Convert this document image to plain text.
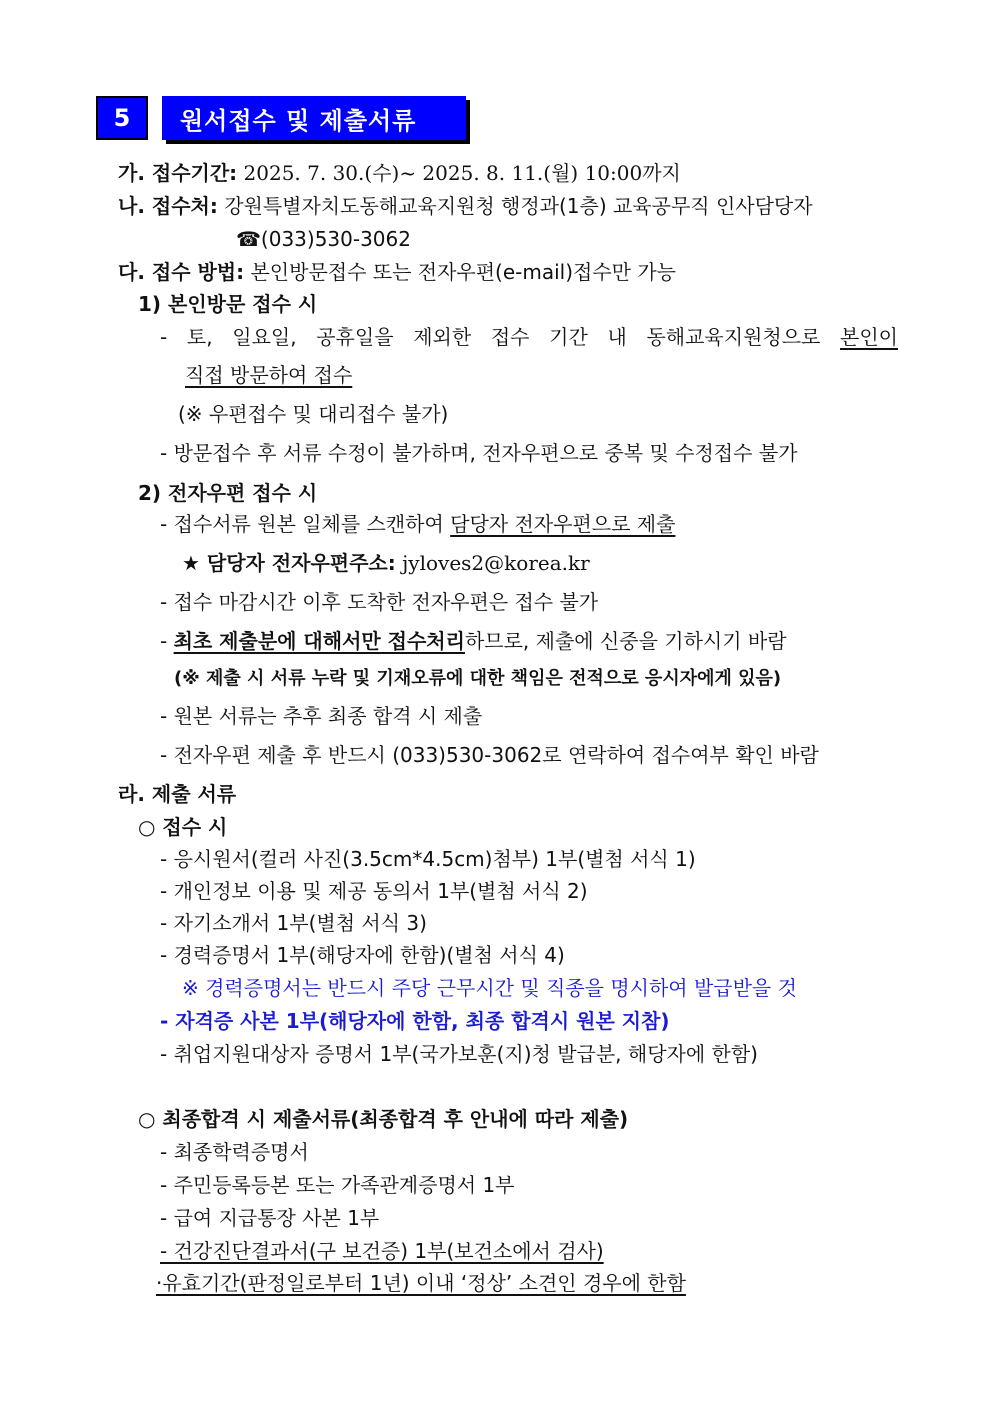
5	원서접수 및 제출서류
가. 접수기간: 2025. 7. 30.(수)~ 2025. 8. 11.(월) 10:00까지
나. 접수처: 강원특별자치도동해교육지원청 행정과(1층) 교육공무직 인사담당자
☎(033)530-3062
다. 접수 방법: 본인방문접수 또는 전자우편(e-mail)접수만 가능
1) 본인방문 접수 시
- 토, 일요일, 공휴일을 제외한 접수 기간 내 동해교육지원청으로 본인이
직접 방문하여 접수
(※ 우편접수 및 대리접수 불가)
- 방문접수 후 서류 수정이 불가하며, 전자우편으로 중복 및 수정접수 불가
2) 전자우편 접수 시
- 접수서류 원본 일체를 스캔하여 담당자 전자우편으로 제출
★ 담당자 전자우편주소: jyloves2@korea.kr
- 접수 마감시간 이후 도착한 전자우편은 접수 불가
- 최초 제출분에 대해서만 접수처리하므로, 제출에 신중을 기하시기 바람
(※ 제출 시 서류 누락 및 기재오류에 대한 책임은 전적으로 응시자에게 있음)
- 원본 서류는 추후 최종 합격 시 제출
- 전자우편 제출 후 반드시 (033)530-3062로 연락하여 접수여부 확인 바람
라. 제출 서류
○ 접수 시
- 응시원서(컬러 사진(3.5cm*4.5cm)첨부) 1부(별첨 서식 1)
- 개인정보 이용 및 제공 동의서 1부(별첨 서식 2)
- 자기소개서 1부(별첨 서식 3)
- 경력증명서 1부(해당자에 한함)(별첨 서식 4)
※ 경력증명서는 반드시 주당 근무시간 및 직종을 명시하여 발급받을 것
- 자격증 사본 1부(해당자에 한함, 최종 합격시 원본 지참)
- 취업지원대상자 증명서 1부(국가보훈(지)청 발급분, 해당자에 한함)
○ 최종합격 시 제출서류(최종합격 후 안내에 따라 제출)
- 최종학력증명서
- 주민등록등본 또는 가족관계증명서 1부
- 급여 지급통장 사본 1부
- 건강진단결과서(구 보건증) 1부(보건소에서 검사)
·유효기간(판정일로부터 1년) 이내 ‘정상’ 소견인 경우에 한함
